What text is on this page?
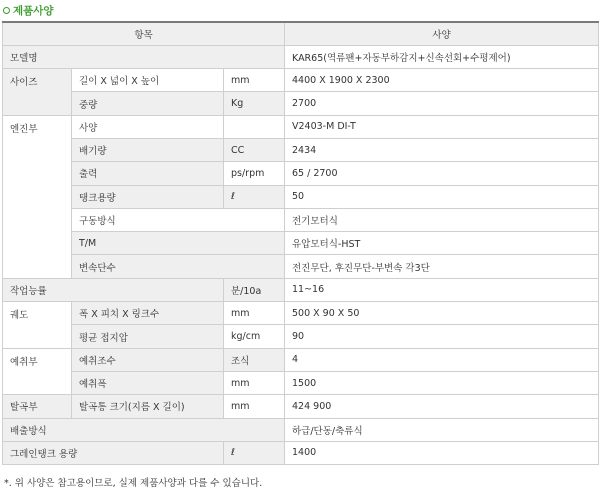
제품사양
항목			사양
모델명			KAR65(역류팬+자동부하감지+신속선회+수평제어)
사이즈	길이 X 넓이 X 높이	mm	4400 X 1900 X 2300
	중량	Kg	2700
엔진부	사양		V2403-M DI-T
	배기량	CC	2434
	출력	ps/rpm	65 / 2700
	탱크용량	ℓ	50
	구동방식		전기모터식
	T/M		유압모터식-HST
	변속단수		전진무단, 후진무단-부변속 각3단
작업능률		분/10a	11~16
궤도	폭 X 피치 X 링크수	mm	500 X 90 X 50
	평균 접지압	kg/cm	90
예취부	예취조수	조식	4
	예취폭	mm	1500
탈곡부	탈곡통 크기(지름 X 길이)	mm	424 900
배출방식			하급/단동/축류식
그레인탱크 용량		ℓ	1400
*. 위 사양은 참고용이므로, 실제 제품사양과 다를 수 있습니다.
